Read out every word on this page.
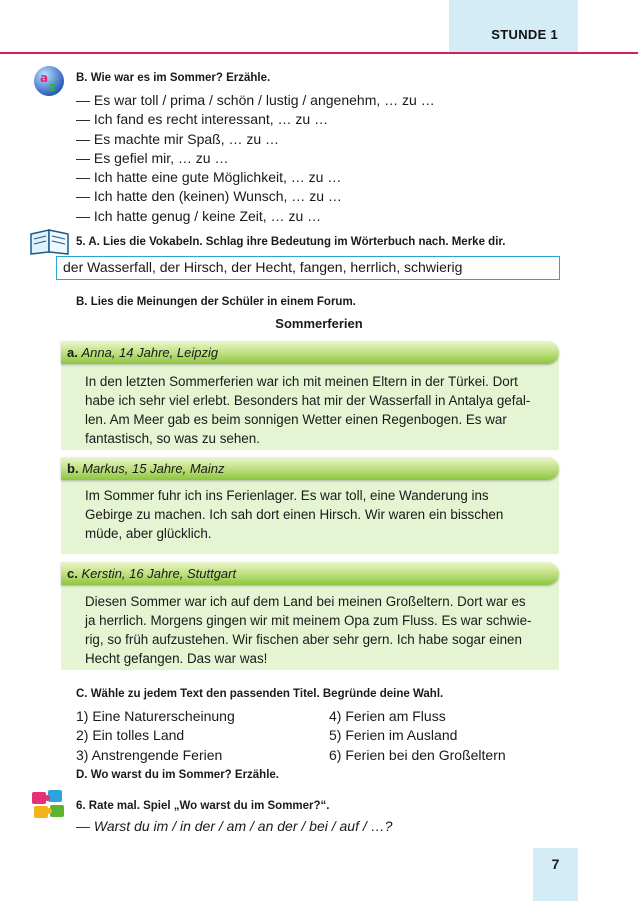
STUNDE 1
a
z
B. Wie war es im Sommer? Erzähle.
— Es war toll / prima / schön / lustig / angenehm, … zu …
— Ich fand es recht interessant, … zu …
— Es machte mir Spaß, … zu …
— Es gefiel mir, … zu …
— Ich hatte eine gute Möglichkeit, … zu …
— Ich hatte den (keinen) Wunsch, … zu …
— Ich hatte genug / keine Zeit, … zu …
5. A. Lies die Vokabeln. Schlag ihre Bedeutung im Wörterbuch nach. Merke dir.
der Wasserfall, der Hirsch, der Hecht, fangen, herrlich, schwierig
B. Lies die Meinungen der Schüler in einem Forum.
Sommerferien
In den letzten Sommerferien war ich mit meinen Eltern in der Türkei. Dort
habe ich sehr viel erlebt. Besonders hat mir der Wasserfall in Antalya gefal-
len. Am Meer gab es beim sonnigen Wetter einen Regenbogen. Es war
fantastisch, so was zu sehen.
a. Anna, 14 Jahre, Leipzig
Im Sommer fuhr ich ins Ferienlager. Es war toll, eine Wanderung ins
Gebirge zu machen. Ich sah dort einen Hirsch. Wir waren ein bisschen
müde, aber glücklich.
b. Markus, 15 Jahre, Mainz
Diesen Sommer war ich auf dem Land bei meinen Großeltern. Dort war es
ja herrlich. Morgens gingen wir mit meinem Opa zum Fluss. Es war schwie-
rig, so früh aufzustehen. Wir fischen aber sehr gern. Ich habe sogar einen
Hecht gefangen. Das war was!
c. Kerstin, 16 Jahre, Stuttgart
C. Wähle zu jedem Text den passenden Titel. Begründe deine Wahl.
1) Eine Naturerscheinung
2) Ein tolles Land
3) Anstrengende Ferien
4) Ferien am Fluss
5) Ferien im Ausland
6) Ferien bei den Großeltern
D. Wo warst du im Sommer? Erzähle.
6. Rate mal. Spiel „Wo warst du im Sommer?“.
— Warst du im / in der / am / an der / bei / auf / …?
7
